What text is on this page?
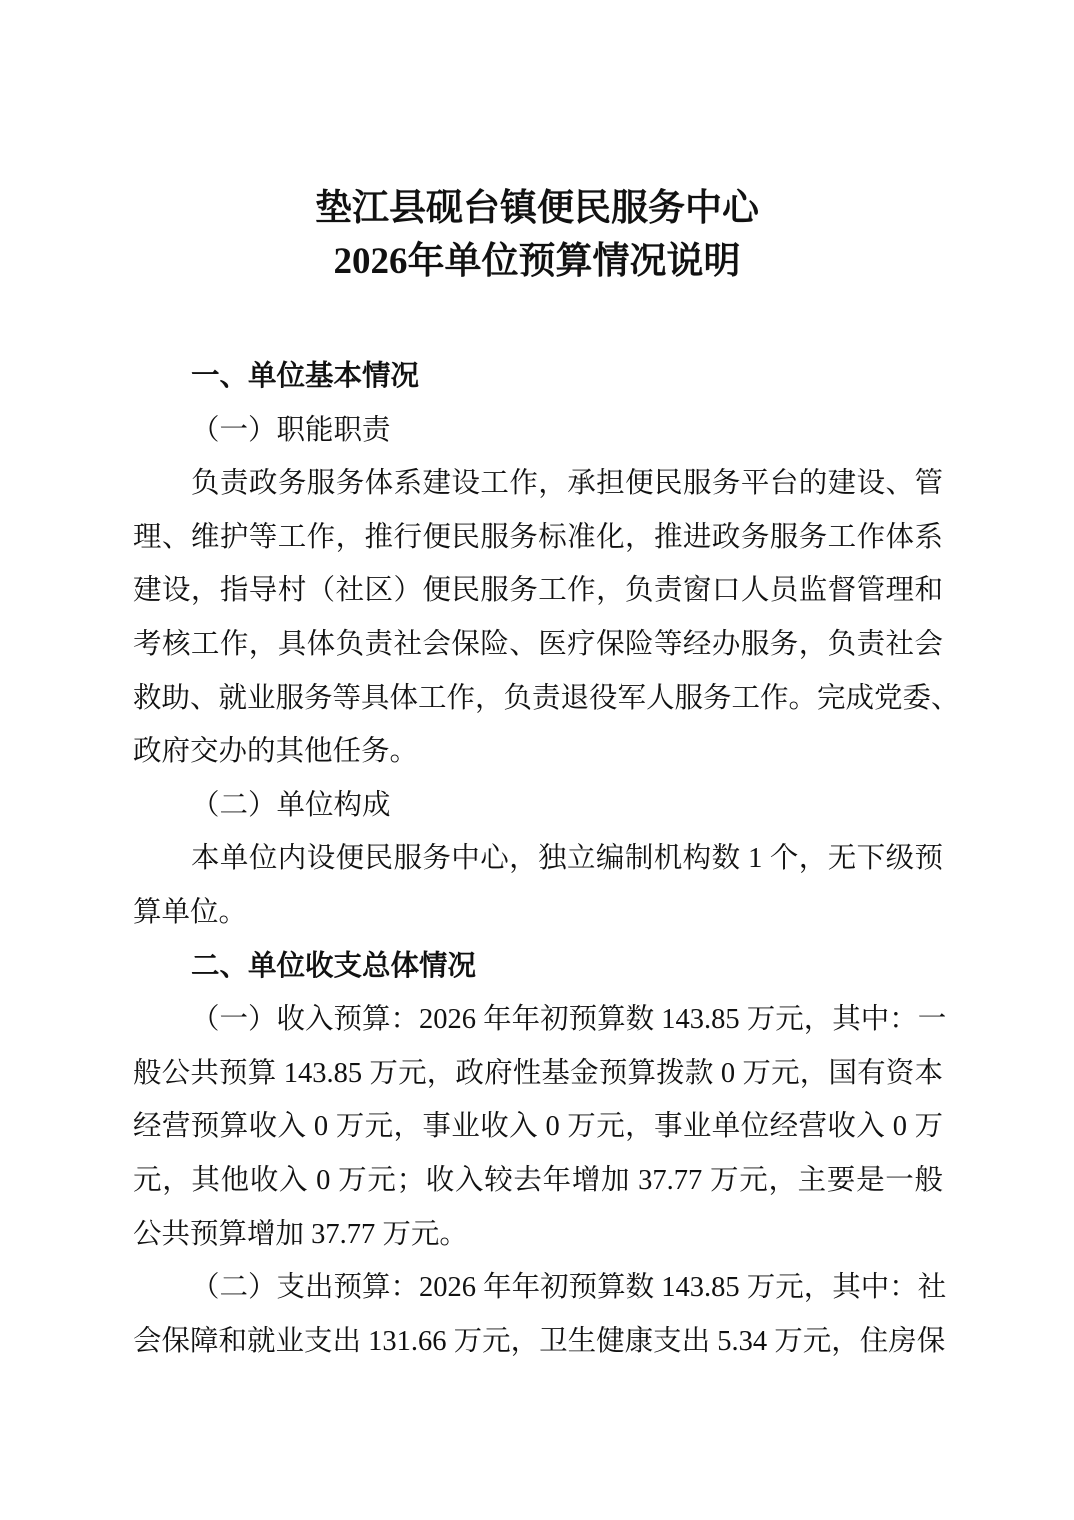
垫江县砚台镇便民服务中心
2026年单位预算情况说明
一、单位基本情况
（一）职能职责
负责政务服务体系建设工作，承担便民服务平台的建设、管
理、维护等工作，推行便民服务标准化，推进政务服务工作体系
建设，指导村（社区）便民服务工作，负责窗口人员监督管理和
考核工作，具体负责社会保险、医疗保险等经办服务，负责社会
救助、就业服务等具体工作，负责退役军人服务工作。完成党委、
政府交办的其他任务。
（二）单位构成
本单位内设便民服务中心，独立编制机构数 1 个，无下级预
算单位。
二、单位收支总体情况
（一）收入预算：2026 年年初预算数 143.85 万元，其中：一
般公共预算 143.85 万元，政府性基金预算拨款 0 万元，国有资本
经营预算收入 0 万元，事业收入 0 万元，事业单位经营收入 0 万
元，其他收入 0 万元；收入较去年增加 37.77 万元，主要是一般
公共预算增加 37.77 万元。
（二）支出预算：2026 年年初预算数 143.85 万元，其中：社
会保障和就业支出 131.66 万元，卫生健康支出 5.34 万元，住房保
